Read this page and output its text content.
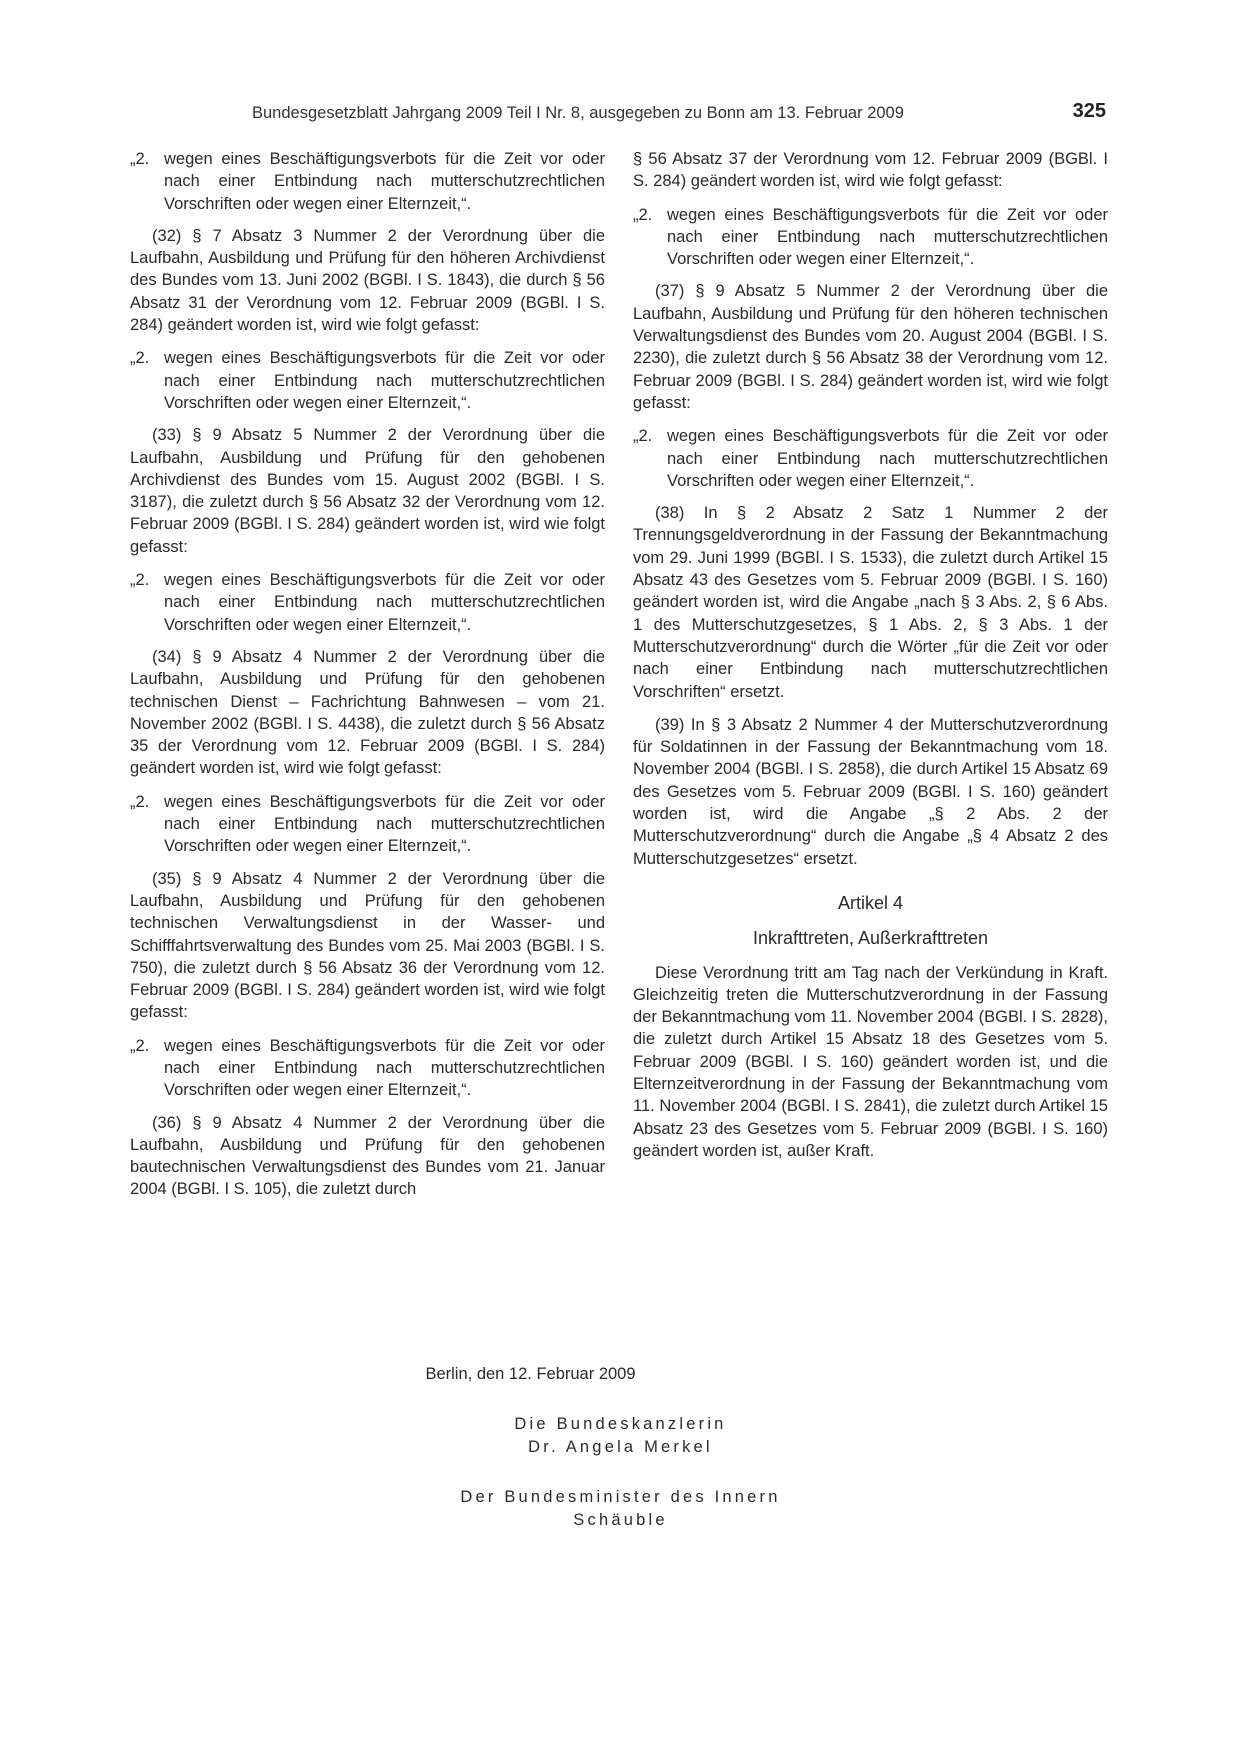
Bundesgesetzblatt Jahrgang 2009 Teil I Nr. 8, ausgegeben zu Bonn am 13. Februar 2009	325
„2. wegen eines Beschäftigungsverbots für die Zeit vor oder nach einer Entbindung nach mutterschutzrechtlichen Vorschriften oder wegen einer Elternzeit,“.

(32) § 7 Absatz 3 Nummer 2 der Verordnung über die Laufbahn, Ausbildung und Prüfung für den höheren Archivdienst des Bundes vom 13. Juni 2002 (BGBl. I S. 1843), die durch § 56 Absatz 31 der Verordnung vom 12. Februar 2009 (BGBl. I S. 284) geändert worden ist, wird wie folgt gefasst:

„2. wegen eines Beschäftigungsverbots für die Zeit vor oder nach einer Entbindung nach mutterschutzrechtlichen Vorschriften oder wegen einer Elternzeit,“.

(33) § 9 Absatz 5 Nummer 2 der Verordnung über die Laufbahn, Ausbildung und Prüfung für den gehobenen Archivdienst des Bundes vom 15. August 2002 (BGBl. I S. 3187), die zuletzt durch § 56 Absatz 32 der Verordnung vom 12. Februar 2009 (BGBl. I S. 284) geändert worden ist, wird wie folgt gefasst:

„2. wegen eines Beschäftigungsverbots für die Zeit vor oder nach einer Entbindung nach mutterschutzrechtlichen Vorschriften oder wegen einer Elternzeit,“.

(34) § 9 Absatz 4 Nummer 2 der Verordnung über die Laufbahn, Ausbildung und Prüfung für den gehobenen technischen Dienst – Fachrichtung Bahnwesen – vom 21. November 2002 (BGBl. I S. 4438), die zuletzt durch § 56 Absatz 35 der Verordnung vom 12. Februar 2009 (BGBl. I S. 284) geändert worden ist, wird wie folgt gefasst:

„2. wegen eines Beschäftigungsverbots für die Zeit vor oder nach einer Entbindung nach mutterschutzrechtlichen Vorschriften oder wegen einer Elternzeit,“.

(35) § 9 Absatz 4 Nummer 2 der Verordnung über die Laufbahn, Ausbildung und Prüfung für den gehobenen technischen Verwaltungsdienst in der Wasser- und Schifffahrtsverwaltung des Bundes vom 25. Mai 2003 (BGBl. I S. 750), die zuletzt durch § 56 Absatz 36 der Verordnung vom 12. Februar 2009 (BGBl. I S. 284) geändert worden ist, wird wie folgt gefasst:

„2. wegen eines Beschäftigungsverbots für die Zeit vor oder nach einer Entbindung nach mutterschutzrechtlichen Vorschriften oder wegen einer Elternzeit,“.

(36) § 9 Absatz 4 Nummer 2 der Verordnung über die Laufbahn, Ausbildung und Prüfung für den gehobenen bautechnischen Verwaltungsdienst des Bundes vom 21. Januar 2004 (BGBl. I S. 105), die zuletzt durch

§ 56 Absatz 37 der Verordnung vom 12. Februar 2009 (BGBl. I S. 284) geändert worden ist, wird wie folgt gefasst:

„2. wegen eines Beschäftigungsverbots für die Zeit vor oder nach einer Entbindung nach mutterschutzrechtlichen Vorschriften oder wegen einer Elternzeit,“.

(37) § 9 Absatz 5 Nummer 2 der Verordnung über die Laufbahn, Ausbildung und Prüfung für den höheren technischen Verwaltungsdienst des Bundes vom 20. August 2004 (BGBl. I S. 2230), die zuletzt durch § 56 Absatz 38 der Verordnung vom 12. Februar 2009 (BGBl. I S. 284) geändert worden ist, wird wie folgt gefasst:

„2. wegen eines Beschäftigungsverbots für die Zeit vor oder nach einer Entbindung nach mutterschutzrechtlichen Vorschriften oder wegen einer Elternzeit,“.

(38) In § 2 Absatz 2 Satz 1 Nummer 2 der Trennungsgeldverordnung in der Fassung der Bekanntmachung vom 29. Juni 1999 (BGBl. I S. 1533), die zuletzt durch Artikel 15 Absatz 43 des Gesetzes vom 5. Februar 2009 (BGBl. I S. 160) geändert worden ist, wird die Angabe „nach § 3 Abs. 2, § 6 Abs. 1 des Mutterschutzgesetzes, § 1 Abs. 2, § 3 Abs. 1 der Mutterschutzverordnung“ durch die Wörter „für die Zeit vor oder nach einer Entbindung nach mutterschutzrechtlichen Vorschriften“ ersetzt.

(39) In § 3 Absatz 2 Nummer 4 der Mutterschutzverordnung für Soldatinnen in der Fassung der Bekanntmachung vom 18. November 2004 (BGBl. I S. 2858), die durch Artikel 15 Absatz 69 des Gesetzes vom 5. Februar 2009 (BGBl. I S. 160) geändert worden ist, wird die Angabe „§ 2 Abs. 2 der Mutterschutzverordnung“ durch die Angabe „§ 4 Absatz 2 des Mutterschutzgesetzes“ ersetzt.

Artikel 4
Inkrafttreten, Außerkrafttreten

Diese Verordnung tritt am Tag nach der Verkündung in Kraft. Gleichzeitig treten die Mutterschutzverordnung in der Fassung der Bekanntmachung vom 11. November 2004 (BGBl. I S. 2828), die zuletzt durch Artikel 15 Absatz 18 des Gesetzes vom 5. Februar 2009 (BGBl. I S. 160) geändert worden ist, und die Elternzeitverordnung in der Fassung der Bekanntmachung vom 11. November 2004 (BGBl. I S. 2841), die zuletzt durch Artikel 15 Absatz 23 des Gesetzes vom 5. Februar 2009 (BGBl. I S. 160) geändert worden ist, außer Kraft.

Berlin, den 12. Februar 2009
Die Bundeskanzlerin
Dr. Angela Merkel
Der Bundesminister des Innern
Schäuble
